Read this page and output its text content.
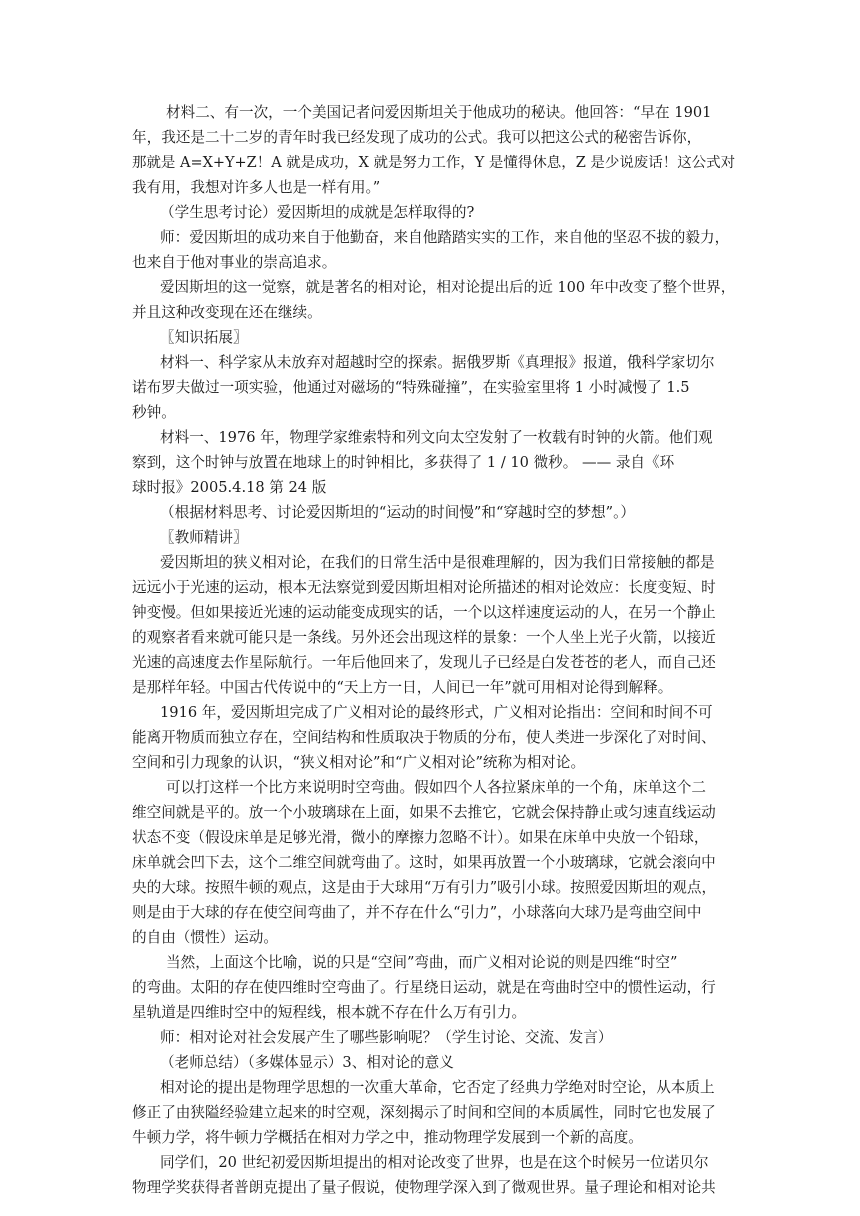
材料二、有一次，一个美国记者问爱因斯坦关于他成功的秘诀。他回答：“早在 1901
年，我还是二十二岁的青年时我已经发现了成功的公式。我可以把这公式的秘密告诉你，
那就是 A=X+Y+Z！A 就是成功，X 就是努力工作，Y 是懂得休息，Z 是少说废话！这公式对
我有用，我想对许多人也是一样有用。”
（学生思考讨论）爱因斯坦的成就是怎样取得的?
师：爱因斯坦的成功来自于他勤奋，来自他踏踏实实的工作，来自他的坚忍不拔的毅力，
也来自于他对事业的崇高追求。
爱因斯坦的这一觉察，就是著名的相对论，相对论提出后的近 100 年中改变了整个世界，
并且这种改变现在还在继续。
〖知识拓展〗
材料一、科学家从未放弃对超越时空的探索。据俄罗斯《真理报》报道，俄科学家切尔
诺布罗夫做过一项实验，他通过对磁场的“特殊碰撞”，在实验室里将 1 小时减慢了 1.5
秒钟。
材料一、1976 年，物理学家维索特和列文向太空发射了一枚载有时钟的火箭。他们观
察到，这个时钟与放置在地球上的时钟相比，多获得了 1 / 10 微秒。 —— 录自《环
球时报》2005.4.18 第 24 版
（根据材料思考、讨论爱因斯坦的“运动的时间慢”和“穿越时空的梦想”。）
〖教师精讲〗
爱因斯坦的狭义相对论，在我们的日常生活中是很难理解的，因为我们日常接触的都是
远远小于光速的运动，根本无法察觉到爱因斯坦相对论所描述的相对论效应：长度变短、时
钟变慢。但如果接近光速的运动能变成现实的话，一个以这样速度运动的人，在另一个静止
的观察者看来就可能只是一条线。另外还会出现这样的景象：一个人坐上光子火箭，以接近
光速的高速度去作星际航行。一年后他回来了，发现儿子已经是白发苍苍的老人，而自己还
是那样年轻。中国古代传说中的“天上方一日，人间已一年”就可用相对论得到解释。
1916 年，爱因斯坦完成了广义相对论的最终形式，广义相对论指出：空间和时间不可
能离开物质而独立存在，空间结构和性质取决于物质的分布，使人类进一步深化了对时间、
空间和引力现象的认识，“狭义相对论”和“广义相对论”统称为相对论。
可以打这样一个比方来说明时空弯曲。假如四个人各拉紧床单的一个角，床单这个二
维空间就是平的。放一个小玻璃球在上面，如果不去推它，它就会保持静止或匀速直线运动
状态不变（假设床单是足够光滑，微小的摩擦力忽略不计）。如果在床单中央放一个铅球，
床单就会凹下去，这个二维空间就弯曲了。这时，如果再放置一个小玻璃球，它就会滚向中
央的大球。按照牛顿的观点，这是由于大球用“万有引力”吸引小球。按照爱因斯坦的观点，
则是由于大球的存在使空间弯曲了，并不存在什么“引力”，小球落向大球乃是弯曲空间中
的自由（惯性）运动。
当然，上面这个比喻，说的只是“空间”弯曲，而广义相对论说的则是四维“时空”
的弯曲。太阳的存在使四维时空弯曲了。行星绕日运动，就是在弯曲时空中的惯性运动，行
星轨道是四维时空中的短程线，根本就不存在什么万有引力。
师：相对论对社会发展产生了哪些影响呢？（学生讨论、交流、发言）
（老师总结）（多媒体显示）3、相对论的意义
相对论的提出是物理学思想的一次重大革命，它否定了经典力学绝对时空论，从本质上
修正了由狭隘经验建立起来的时空观，深刻揭示了时间和空间的本质属性，同时它也发展了
牛顿力学，将牛顿力学概括在相对力学之中，推动物理学发展到一个新的高度。
同学们，20 世纪初爱因斯坦提出的相对论改变了世界，也是在这个时候另一位诺贝尔
物理学奖获得者普朗克提出了量子假说，使物理学深入到了微观世界。量子理论和相对论共
